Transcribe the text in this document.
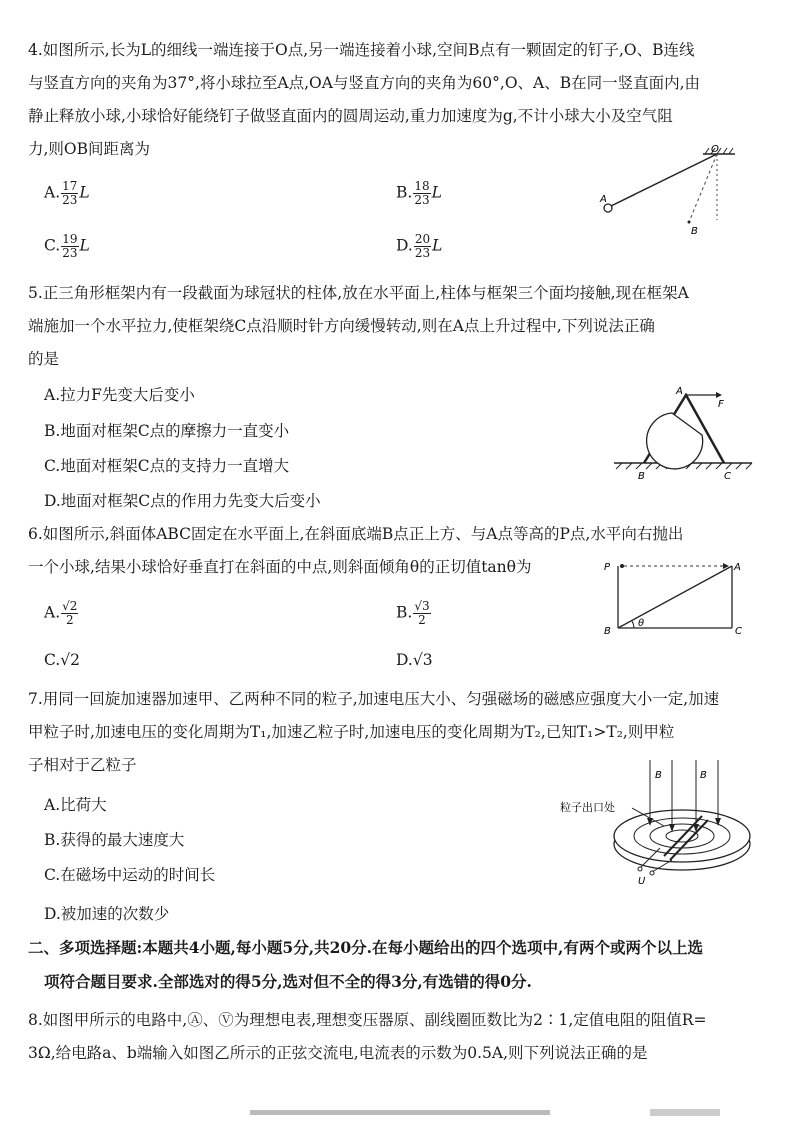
4.如图所示,长为L的细线一端连接于O点,另一端连接着小球,空间B点有一颗固定的钉子,O、B连线
与竖直方向的夹角为37°,将小球拉至A点,OA与竖直方向的夹角为60°,O、A、B在同一竖直面内,由
静止释放小球,小球恰好能绕钉子做竖直面内的圆周运动,重力加速度为g,不计小球大小及空气阻
力,则OB间距离为
A. $\frac{17}{23}$ L	B. $\frac{18}{23}$ L
C. $\frac{19}{23}$ L	D. $\frac{20}{23}$ L
O
A
B
5.正三角形框架内有一段截面为球冠状的柱体,放在水平面上,柱体与框架三个面均接触,现在框架A
端施加一个水平拉力,使框架绕C点沿顺时针方向缓慢转动,则在A点上升过程中,下列说法正确
的是
A.拉力F先变大后变小
B.地面对框架C点的摩擦力一直变小
C.地面对框架C点的支持力一直增大
D.地面对框架C点的作用力先变大后变小
A
F
B	C
6.如图所示,斜面体ABC固定在水平面上,在斜面底端B点正上方、与A点等高的P点,水平向右抛出
一个小球,结果小球恰好垂直打在斜面的中点,则斜面倾角θ的正切值tanθ为
A. $\frac{√2}{2}$	B. $\frac{√3}{2}$
C.√2	D.√3
P	A
B	C
θ
7.用同一回旋加速器加速甲、乙两种不同的粒子,加速电压大小、匀强磁场的磁感应强度大小一定,加速
甲粒子时,加速电压的变化周期为T₁,加速乙粒子时,加速电压的变化周期为T₂,已知T₁>T₂,则甲粒
子相对于乙粒子
A.比荷大
B.获得的最大速度大
C.在磁场中运动的时间长
D.被加速的次数少
粒子出口处
B	B
U
二、多项选择题:本题共4小题,每小题5分,共20分.在每小题给出的四个选项中,有两个或两个以上选
项符合题目要求.全部选对的得5分,选对但不全的得3分,有选错的得0分.
8.如图甲所示的电路中,Ⓐ、Ⓥ为理想电表,理想变压器原、副线圈匝数比为2∶1,定值电阻的阻值R=
3Ω,给电路a、b端输入如图乙所示的正弦交流电,电流表的示数为0.5A,则下列说法正确的是
